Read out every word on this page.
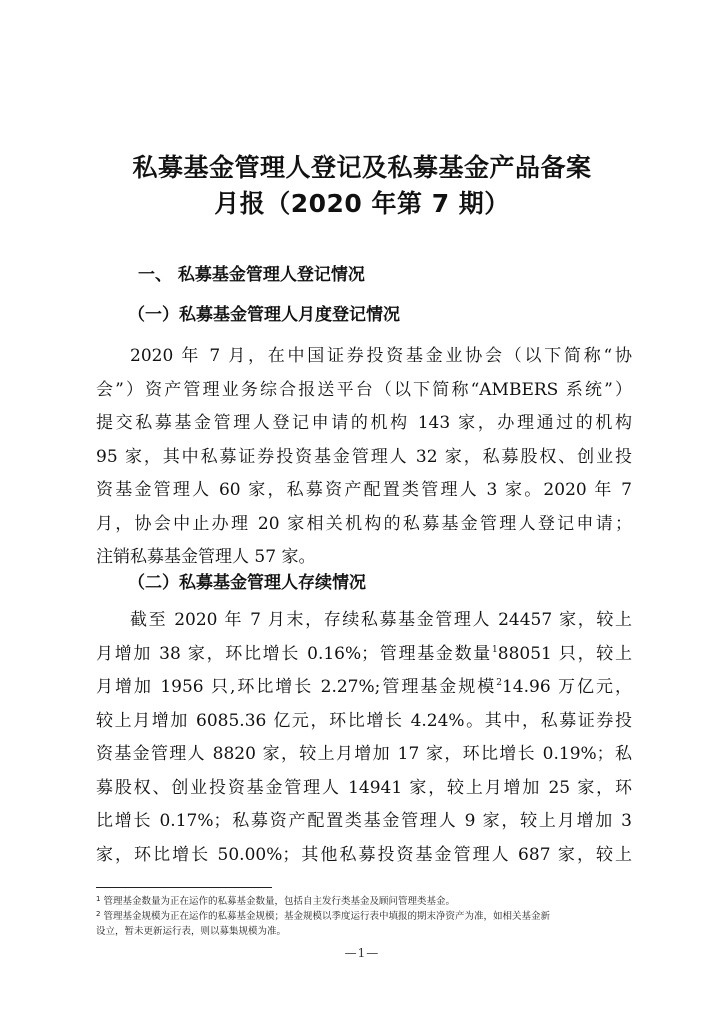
私募基金管理人登记及私募基金产品备案
月报（2020 年第 7 期）
一、 私募基金管理人登记情况
（一）私募基金管理人月度登记情况
2020 年 7 月，在中国证券投资基金业协会（以下简称“协
会”）资产管理业务综合报送平台（以下简称“AMBERS 系统”）
提交私募基金管理人登记申请的机构 143 家，办理通过的机构
95 家，其中私募证券投资基金管理人 32 家，私募股权、创业投
资基金管理人 60 家，私募资产配置类管理人 3 家。2020 年 7
月，协会中止办理 20 家相关机构的私募基金管理人登记申请；
注销私募基金管理人 57 家。
（二）私募基金管理人存续情况
截至 2020 年 7 月末，存续私募基金管理人 24457 家，较上
月增加 38 家，环比增长 0.16%；管理基金数量$^1$88051 只，较上
月增加 1956 只,环比增长 2.27%;管理基金规模$^2$14.96 万亿元，
较上月增加 6085.36 亿元，环比增长 4.24%。其中，私募证券投
资基金管理人 8820 家，较上月增加 17 家，环比增长 0.19%；私
募股权、创业投资基金管理人 14941 家，较上月增加 25 家，环
比增长 0.17%；私募资产配置类基金管理人 9 家，较上月增加 3
家，环比增长 50.00%；其他私募投资基金管理人 687 家，较上
$^1$ 管理基金数量为正在运作的私募基金数量，包括自主发行类基金及顾问管理类基金。
$^2$ 管理基金规模为正在运作的私募基金规模；基金规模以季度运行表中填报的期末净资产为准，如相关基金新
设立，暂未更新运行表，则以募集规模为准。
—1—
